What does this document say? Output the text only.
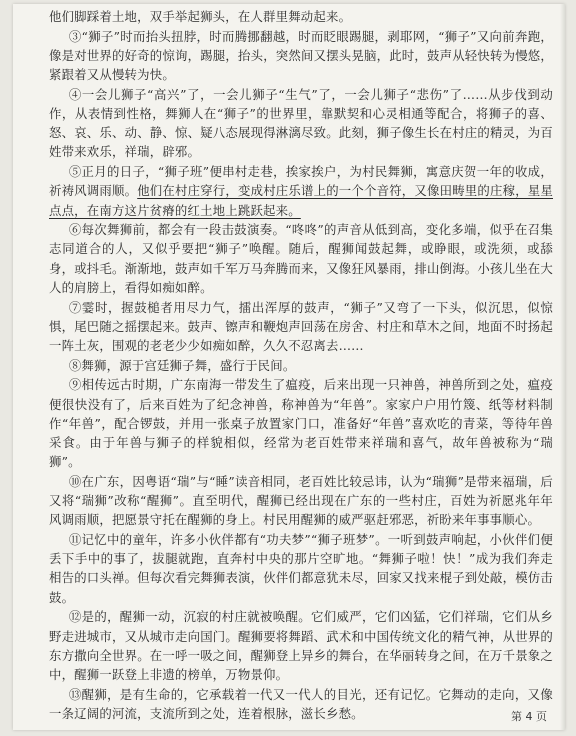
他们脚踩着土地，双手举起狮头，在人群里舞动起来。

③“狮子”时而抬头扭脖，时而腾挪翻越，时而眨眼踢腿，剥耶网，“狮子”又向前奔跑，像是对世界的好奇的惊询，踢腿，抬头，突然间又摆头晃脑，此时，鼓声从轻快转为慢悠，紧跟着又从慢转为快。

④一会儿狮子“高兴”了，一会儿狮子“生气”了，一会儿狮子“悲伤”了……从步伐到动作，从表情到性格，舞狮人在“狮子”的世界里，靠默契和心灵相通等配合，将狮子的喜、怒、哀、乐、动、静、惊、疑八态展现得淋漓尽致。此刻，狮子像生长在村庄的精灵，为百姓带来欢乐，祥瑞，辟邪。

⑤正月的日子，“狮子班”便串村走巷，挨家挨户，为村民舞狮，寓意庆贺一年的收成，祈祷风调雨顺。他们在村庄穿行，变成村庄乐谱上的一个个音符，又像田畴里的庄稼，星星点点，在南方这片贫瘠的红土地上跳跃起来。

⑥每次舞狮前，都会有一段击鼓演奏。“咚咚”的声音从低到高，变化多端，似乎在召集志同道合的人，又似乎要把“狮子”唤醒。随后，醒狮闻鼓起舞，或睁眼，或洗须，或舔身，或抖毛。渐渐地，鼓声如千军万马奔腾而来，又像狂风暴雨，排山倒海。小孩儿坐在大人的肩膀上，看得如痴如醉。

⑦霎时，握鼓槌者用尽力气，擂出浑厚的鼓声，“狮子”又弯了一下头，似沉思，似惊惧，尾巴随之摇摆起来。鼓声、镲声和鞭炮声回荡在房舍、村庄和草木之间，地面不时扬起一阵土灰，围观的老老少少如痴如醉，久久不忍离去……

⑧舞狮，源于宫廷狮子舞，盛行于民间。

⑨相传远古时期，广东南海一带发生了瘟疫，后来出现一只神兽，神兽所到之处，瘟疫便很快没有了，后来百姓为了纪念神兽，称神兽为“年兽”。家家户户用竹篾、纸等材料制作“年兽”，配合锣鼓，并用一张桌子放置家门口，准备好“年兽”喜欢吃的青菜，等待年兽采食。由于年兽与狮子的样貌相似，经常为老百姓带来祥瑞和喜气，故年兽被称为“瑞狮”。

⑩在广东，因粤语“瑞”与“睡”读音相同，老百姓比较忌讳，认为“瑞狮”是带来福瑞，后又将“瑞狮”改称“醒狮”。直至明代，醒狮已经出现在广东的一些村庄，百姓为祈愿兆年年风调雨顺，把愿景守托在醒狮的身上。村民用醒狮的威严驱赶邪恶，祈盼来年事事顺心。

⑪记忆中的童年，许多小伙伴都有“功夫梦”“狮子班梦”。一听到鼓声响起，小伙伴们便丢下手中的事了，拔腿就跑，直奔村中央的那片空旷地。“舞狮子啦！快！”成为我们奔走相告的口头禅。但每次看完舞狮表演，伙伴们都意犹未尽，回家又找来棍子到处敲，模仿击鼓。

⑫是的，醒狮一动，沉寂的村庄就被唤醒。它们威严，它们凶猛，它们祥瑞，它们从乡野走进城市，又从城市走向国门。醒狮要将舞蹈、武术和中国传统文化的精气神，从世界的东方撒向全世界。在一呼一吸之间，醒狮登上异乡的舞台，在华丽转身之间，在万千景象之中，醒狮一跃登上非遗的榜单，万物景仰。

⑬醒狮，是有生命的，它承载着一代又一代人的目光，还有记忆。它舞动的走向，又像一条辽阔的河流，支流所到之处，连着根脉，滋长乡愁。	第 4 页
